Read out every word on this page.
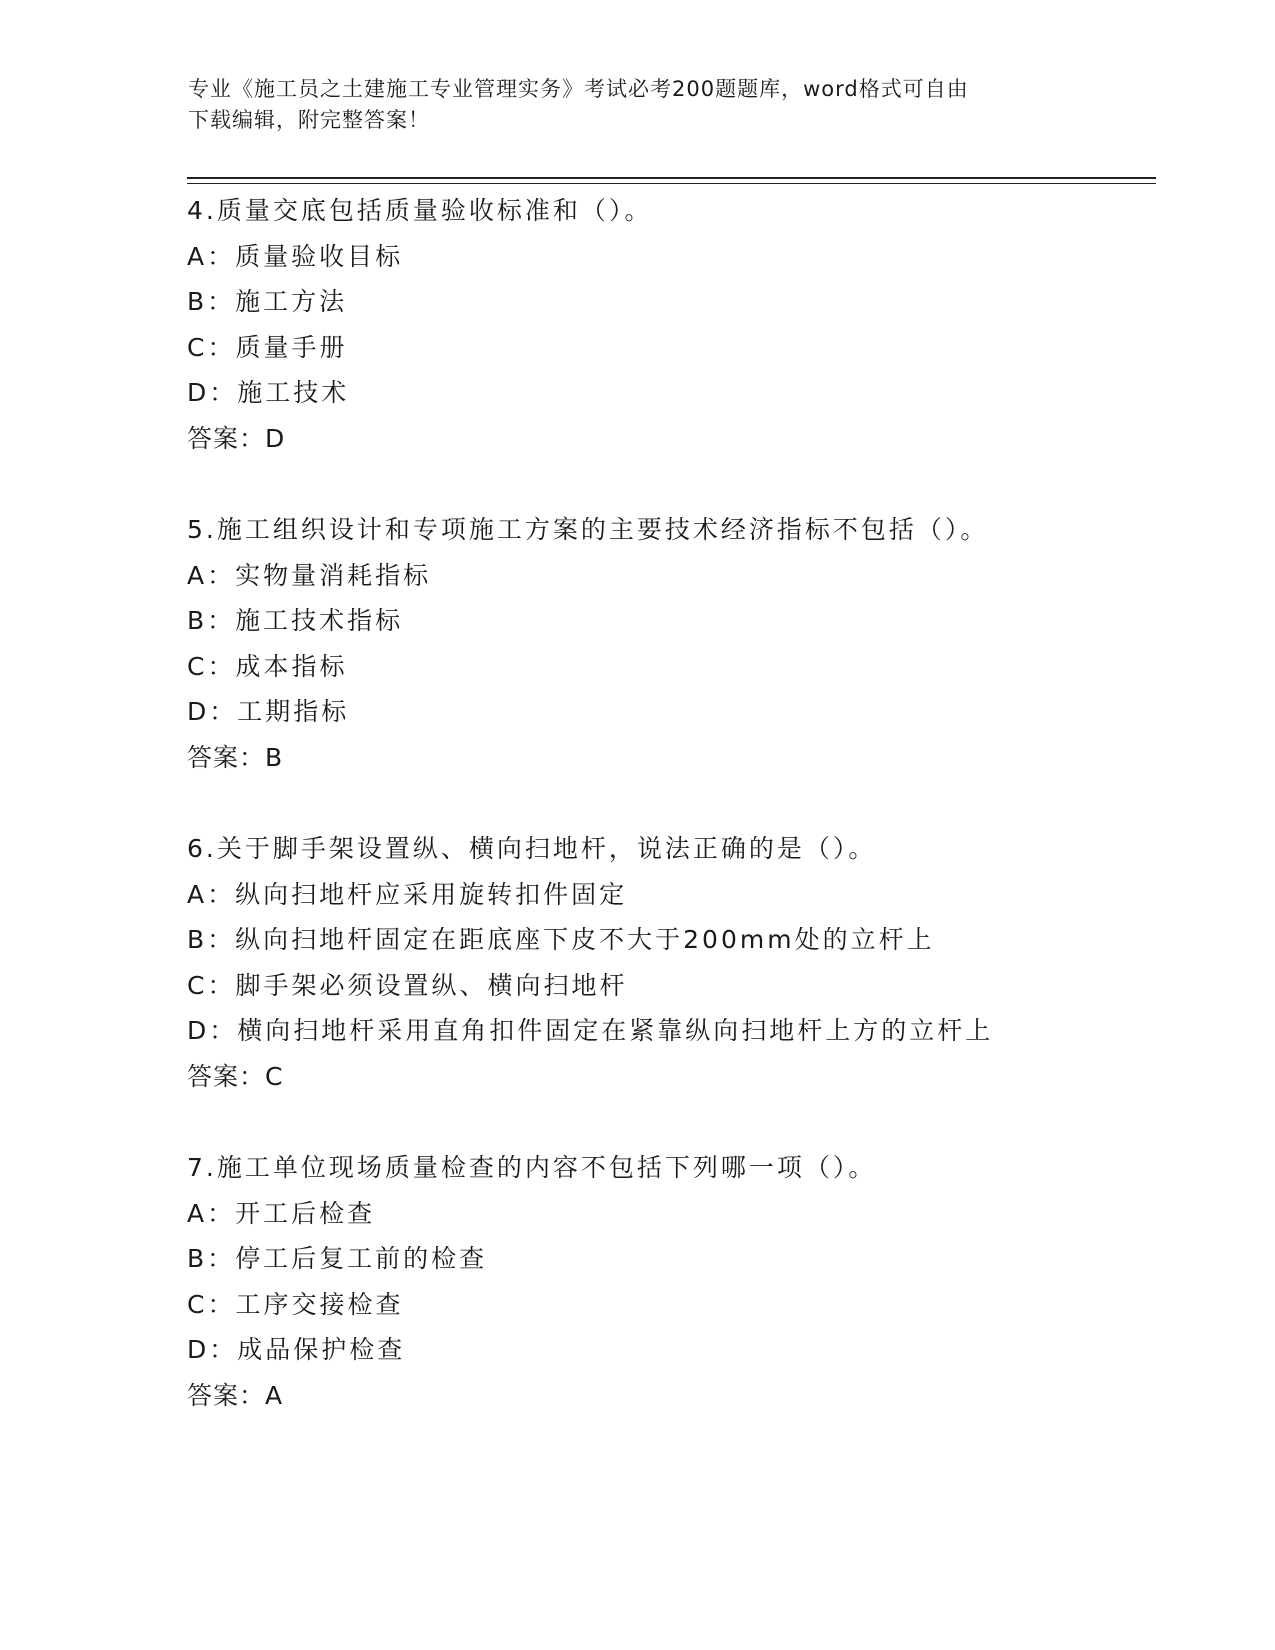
专业《施工员之土建施工专业管理实务》考试必考200题题库，word格式可自由
下载编辑，附完整答案！
4.质量交底包括质量验收标准和（）。
A：质量验收目标
B：施工方法
C：质量手册
D：施工技术
答案：D
5.施工组织设计和专项施工方案的主要技术经济指标不包括（）。
A：实物量消耗指标
B：施工技术指标
C：成本指标
D：工期指标
答案：B
6.关于脚手架设置纵、横向扫地杆，说法正确的是（）。
A：纵向扫地杆应采用旋转扣件固定
B：纵向扫地杆固定在距底座下皮不大于200mm处的立杆上
C：脚手架必须设置纵、横向扫地杆
D：横向扫地杆采用直角扣件固定在紧靠纵向扫地杆上方的立杆上
答案：C
7.施工单位现场质量检查的内容不包括下列哪一项（）。
A：开工后检查
B：停工后复工前的检查
C：工序交接检查
D：成品保护检查
答案：A
